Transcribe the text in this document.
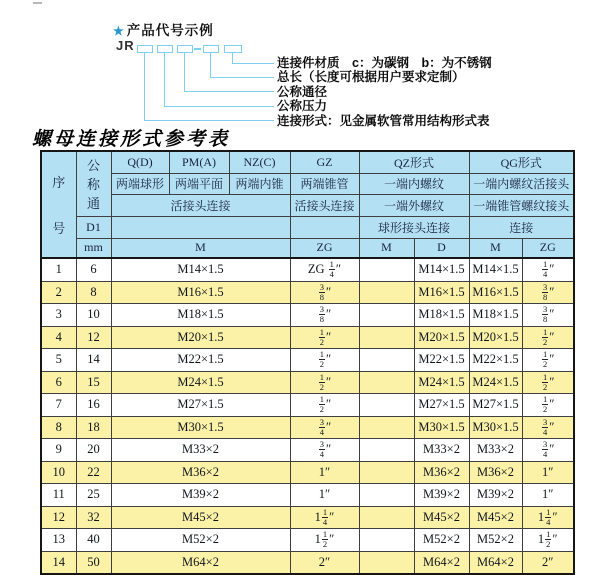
★ 产品代号示例
JR
连接件材质　c：为碳钢　b：为不锈钢
总长（长度可根据用户要求定制）
公称通径
公称压力
连接形式：见金属软管常用结构形式表
螺母连接形式参考表
序
号	公
称
通	Q(D)	PM(A)	NZ(C)	GZ	QZ形式		QG形式	
		两端球形	两端平面	两端内锥	两端锥管	一端内螺纹		一端内螺纹活接头	
		活接头连接			活接头连接	一端外螺纹		一端锥管螺纹接头	
	D1					球形接头连接		连接	
	mm	M			ZG	M	D	M	ZG
1	6	M14×1.5			ZG $\frac{1}{4}$ ″		M14×1.5	M14×1.5	$\frac{1}{4}$ ″
2	8	M16×1.5			$\frac{3}{8}$ ″		M16×1.5	M16×1.5	$\frac{3}{8}$ ″
3	10	M18×1.5			$\frac{3}{8}$ ″		M18×1.5	M18×1.5	$\frac{3}{8}$ ″
4	12	M20×1.5			$\frac{1}{2}$ ″		M20×1.5	M20×1.5	$\frac{1}{2}$ ″
5	14	M22×1.5			$\frac{1}{2}$ ″		M22×1.5	M22×1.5	$\frac{1}{2}$ ″
6	15	M24×1.5			$\frac{1}{2}$ ″		M24×1.5	M24×1.5	$\frac{1}{2}$ ″
7	16	M27×1.5			$\frac{1}{2}$ ″		M27×1.5	M27×1.5	$\frac{1}{2}$ ″
8	18	M30×1.5			$\frac{3}{4}$ ″		M30×1.5	M30×1.5	$\frac{3}{4}$ ″
9	20	M33×2			$\frac{3}{4}$ ″		M33×2	M33×2	$\frac{3}{4}$ ″
10	22	M36×2			1″		M36×2	M36×2	1″
11	25	M39×2			1″		M39×2	M39×2	1″
12	32	M45×2			$1 \frac{1}{4}$ ″		M45×2	M45×2	$1 \frac{1}{4}$ ″
13	40	M52×2			$1 \frac{1}{2}$ ″		M52×2	M52×2	$1 \frac{1}{2}$ ″
14	50	M64×2			2″		M64×2	M64×2	2″
